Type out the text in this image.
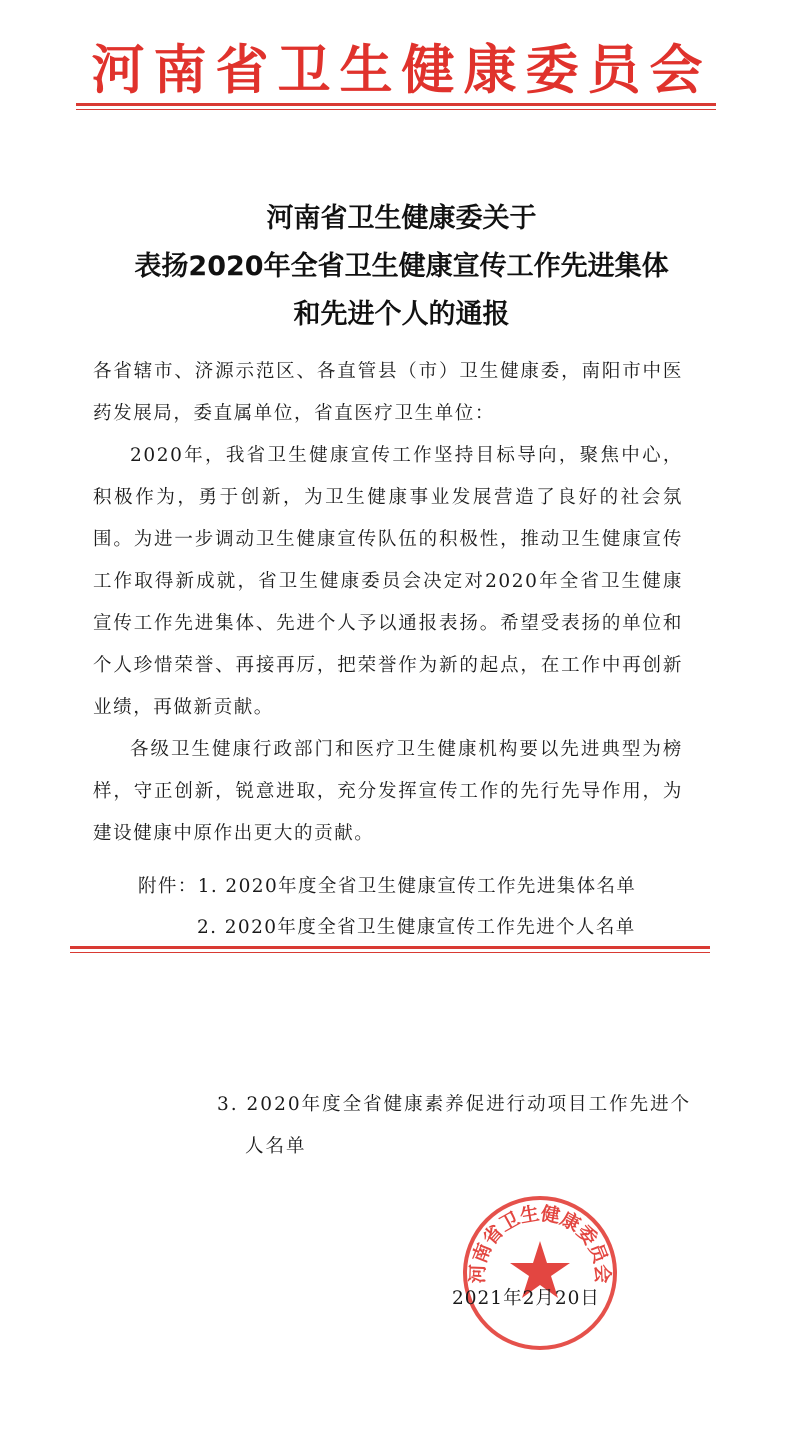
河南省卫生健康委员会
河南省卫生健康委关于
表扬2020年全省卫生健康宣传工作先进集体
和先进个人的通报

各省辖市、济源示范区、各直管县（市）卫生健康委，南阳市中医药发展局，委直属单位，省直医疗卫生单位：

2020年，我省卫生健康宣传工作坚持目标导向，聚焦中心，积极作为，勇于创新，为卫生健康事业发展营造了良好的社会氛围。为进一步调动卫生健康宣传队伍的积极性，推动卫生健康宣传工作取得新成就，省卫生健康委员会决定对2020年全省卫生健康宣传工作先进集体、先进个人予以通报表扬。希望受表扬的单位和个人珍惜荣誉、再接再厉，把荣誉作为新的起点，在工作中再创新业绩，再做新贡献。

各级卫生健康行政部门和医疗卫生健康机构要以先进典型为榜样，守正创新，锐意进取，充分发挥宣传工作的先行先导作用，为建设健康中原作出更大的贡献。

附件：1. 2020年度全省卫生健康宣传工作先进集体名单
2. 2020年度全省卫生健康宣传工作先进个人名单
3. 2020年度全省健康素养促进行动项目工作先进个
人名单
河南省卫生健康委员会
2021年2月20日
